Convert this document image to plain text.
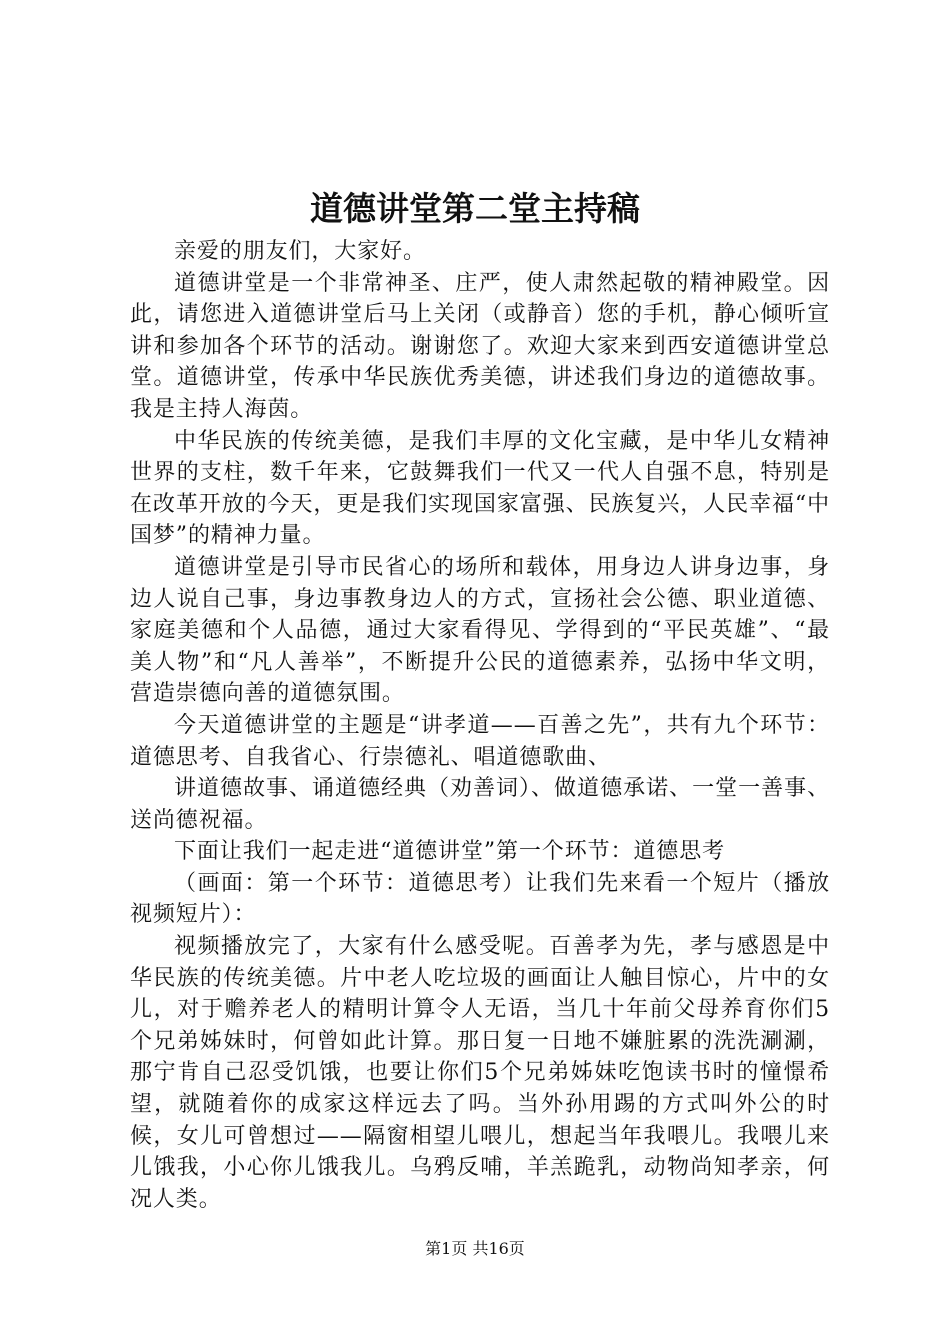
道德讲堂第二堂主持稿

亲爱的朋友们，大家好。

道德讲堂是一个非常神圣、庄严，使人肃然起敬的精神殿堂。因此，请您进入道德讲堂后马上关闭（或静音）您的手机，静心倾听宣讲和参加各个环节的活动。谢谢您了。欢迎大家来到西安道德讲堂总堂。道德讲堂，传承中华民族优秀美德，讲述我们身边的道德故事。我是主持人海茵。

中华民族的传统美德，是我们丰厚的文化宝藏，是中华儿女精神世界的支柱，数千年来，它鼓舞我们一代又一代人自强不息，特别是在改革开放的今天，更是我们实现国家富强、民族复兴，人民幸福“中国梦”的精神力量。

道德讲堂是引导市民省心的场所和载体，用身边人讲身边事，身边人说自己事，身边事教身边人的方式，宣扬社会公德、职业道德、家庭美德和个人品德，通过大家看得见、学得到的“平民英雄”、“最美人物”和“凡人善举”，不断提升公民的道德素养，弘扬中华文明，营造崇德向善的道德氛围。

今天道德讲堂的主题是“讲孝道——百善之先”，共有九个环节：道德思考、自我省心、行崇德礼、唱道德歌曲、

讲道德故事、诵道德经典（劝善词）、做道德承诺、一堂一善事、送尚德祝福。

下面让我们一起走进“道德讲堂”第一个环节：道德思考

（画面：第一个环节：道德思考）让我们先来看一个短片（播放视频短片）：

视频播放完了，大家有什么感受呢。百善孝为先，孝与感恩是中华民族的传统美德。片中老人吃垃圾的画面让人触目惊心，片中的女儿，对于赡养老人的精明计算令人无语，当几十年前父母养育你们5个兄弟姊妹时，何曾如此计算。那日复一日地不嫌脏累的洗洗涮涮，那宁肯自己忍受饥饿，也要让你们5个兄弟姊妹吃饱读书时的憧憬希望，就随着你的成家这样远去了吗。当外孙用踢的方式叫外公的时候，女儿可曾想过——隔窗相望儿喂儿，想起当年我喂儿。我喂儿来儿饿我，小心你儿饿我儿。乌鸦反哺，羊羔跪乳，动物尚知孝亲，何况人类。

第1页 共16页
